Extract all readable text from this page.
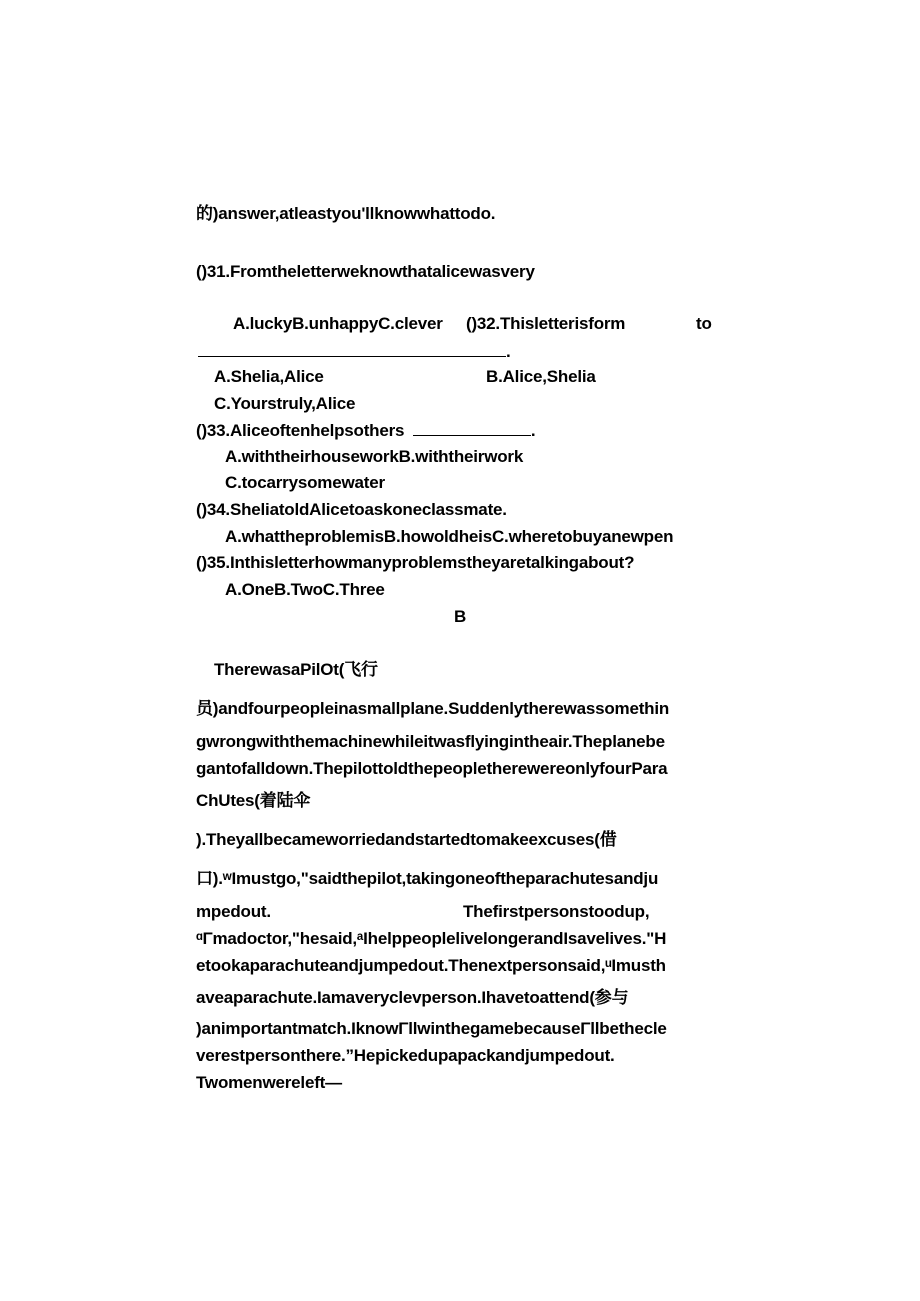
的)answer,atleastyou'llknowwhattodo.
()31.Fromtheletterweknowthatalicewasvery
A.luckyB.unhappyC.clever ()32.Thisletterisform	to
.
A.Shelia,Alice	B.Alice,Shelia
C.Yourstruly,Alice
()33.Aliceoftenhelpsothers	.
A.withtheirhouseworkB.withtheirwork
C.tocarrysomewater
()34.SheliatoldAlicetoaskoneclassmate.
A.whattheproblemisB.howoldheisC.wheretobuyanewpen
()35.Inthisletterhowmanyproblemstheyaretalkingabout?
A.OneB.TwoC.Three
B
TherewasaPilOt(飞行
员)andfourpeopleinasmallplane.Suddenlytherewassomethin
gwrongwiththemachinewhileitwasflyingintheair.Theplanebe
gantofalldown.ThepilottoldthepeopletherewereonlyfourPara
ChUtes(着陆伞
).Theyallbecameworriedandstartedtomakeexcuses(借
口).ʷImustgo,"saidthepilot,takingoneoftheparachutesandju
mpedout.	Thefirstpersonstoodup,
ᵅΓmadoctor,"hesaid,ᵃIhelppeoplelivelongerandIsavelives."H
etookaparachuteandjumpedout.Thenextpersonsaid,ᵘImusth
aveaparachute.Iamaveryclevperson.Ihavetoattend(参与
)animportantmatch.IknowΓllwinthegamebecauseΓllbethecle
verestpersonthere.”Hepickedupapackandjumpedout.
Twomenwereleft—
